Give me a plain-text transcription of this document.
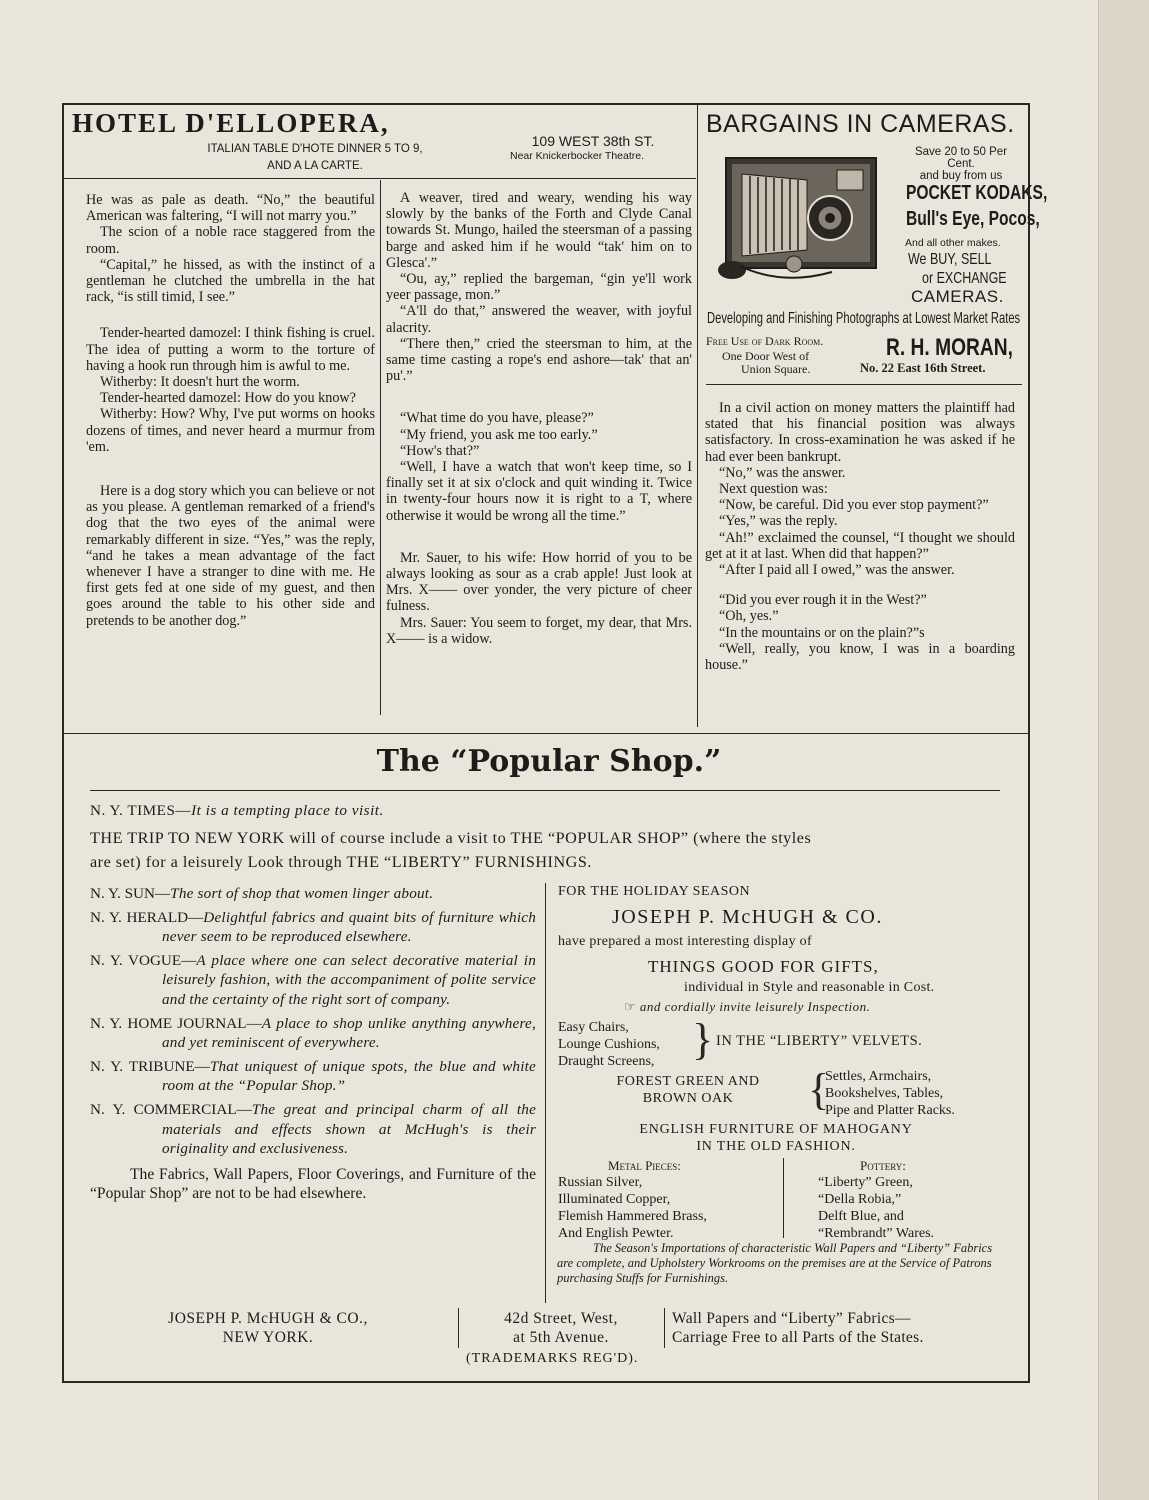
HOTEL D'ELLOPERA,
ITALIAN TABLE D'HOTE DINNER 5 TO 9,
AND A LA CARTE.
109 WEST 38th ST.
Near Knickerbocker Theatre.

He was as pale as death. “No,” the beautiful American was faltering, “I will not marry you.”

The scion of a noble race staggered from the room.

“Capital,” he hissed, as with the instinct of a gentleman he clutched the umbrella in the hat rack, “is still timid, I see.”

Tender-hearted damozel: I think fishing is cruel. The idea of putting a worm to the torture of having a hook run through him is awful to me.

Witherby: It doesn't hurt the worm.

Tender-hearted damozel: How do you know?

Witherby: How? Why, I've put worms on hooks dozens of times, and never heard a murmur from 'em.

Here is a dog story which you can believe or not as you please. A gentleman remarked of a friend's dog that the two eyes of the animal were remarkably different in size. “Yes,” was the reply, “and he takes a mean advantage of the fact whenever I have a stranger to dine with me. He first gets fed at one side of my guest, and then goes around the table to his other side and pretends to be another dog.”

A weaver, tired and weary, wending his way slowly by the banks of the Forth and Clyde Canal towards St. Mungo, hailed the steersman of a passing barge and asked him if he would “tak' him on to Glesca'.”

“Ou, ay,” replied the bargeman, “gin ye'll work yeer passage, mon.”

“A'll do that,” answered the weaver, with joyful alacrity.

“There then,” cried the steersman to him, at the same time casting a rope's end ashore—tak' that an' pu'.”

“What time do you have, please?”

“My friend, you ask me too early.”

“How's that?”

“Well, I have a watch that won't keep time, so I finally set it at six o'clock and quit winding it. Twice in twenty-four hours now it is right to a T, where otherwise it would be wrong all the time.”

Mr. Sauer, to his wife: How horrid of you to be always looking as sour as a crab apple! Just look at Mrs. X—— over yonder, the very picture of cheer fulness.

Mrs. Sauer: You seem to forget, my dear, that Mrs. X—— is a widow.

BARGAINS IN CAMERAS.
Save 20 to 50 Per
Cent.
and buy from us
POCKET KODAKS,
Bull's Eye, Pocos,
And all other makes.
We BUY, SELL
or EXCHANGE
CAMERAS.
Developing and Finishing Photographs at Lowest Market Rates
Free Use of Dark Room.
One Door West of
Union Square.
R. H. MORAN,
No. 22 East 16th Street.

In a civil action on money matters the plaintiff had stated that his financial position was always satisfactory. In cross-examination he was asked if he had ever been bankrupt.

“No,” was the answer.

Next question was:

“Now, be careful. Did you ever stop payment?”

“Yes,” was the reply.

“Ah!” exclaimed the counsel, “I thought we should get at it at last. When did that happen?”

“After I paid all I owed,” was the answer.

“Did you ever rough it in the West?”

“Oh, yes.”

“In the mountains or on the plain?”s

“Well, really, you know, I was in a boarding house.”

The “Popular Shop.”
N. Y. TIMES—It is a tempting place to visit.
THE TRIP TO NEW YORK will of course include a visit to THE “POPULAR SHOP” (where the styles
are set) for a leisurely Look through THE “LIBERTY” FURNISHINGS.
N. Y. SUN—The sort of shop that women linger about.
N. Y. HERALD—Delightful fabrics and quaint bits of furniture which never seem to be reproduced elsewhere.
N. Y. VOGUE—A place where one can select decorative material in leisurely fashion, with the accompaniment of polite service and the certainty of the right sort of company.
N. Y. HOME JOURNAL—A place to shop unlike anything anywhere, and yet reminiscent of everywhere.
N. Y. TRIBUNE—That uniquest of unique spots, the blue and white room at the “Popular Shop.”
N. Y. COMMERCIAL—The great and principal charm of all the materials and effects shown at McHugh's is their originality and exclusiveness.
The Fabrics, Wall Papers, Floor Coverings, and Furniture of the “Popular Shop” are not to be had elsewhere.
FOR THE HOLIDAY SEASON
JOSEPH P. McHUGH & CO.
have prepared a most interesting display of
THINGS GOOD FOR GIFTS,
individual in Style and reasonable in Cost.
☞ and cordially invite leisurely Inspection.
Easy Chairs,
Lounge Cushions,
Draught Screens, } IN THE “LIBERTY” VELVETS.
FOREST GREEN AND
BROWN OAK	{
Settles, Armchairs,
Bookshelves, Tables,
Pipe and Platter Racks.
ENGLISH FURNITURE OF MAHOGANY
IN THE OLD FASHION.
Metal Pieces:
Russian Silver,
Illuminated Copper,
Flemish Hammered Brass,
And English Pewter.
Pottery:
“Liberty” Green,
“Della Robia,”
Delft Blue, and
“Rembrandt” Wares.
The Season's Importations of characteristic Wall Papers and “Liberty” Fabrics are complete, and Upholstery Workrooms on the premises are at the Service of Patrons purchasing Stuffs for Furnishings.
JOSEPH P. McHUGH & CO.,
NEW YORK.
42d Street, West,
at 5th Avenue.
Wall Papers and “Liberty” Fabrics—
Carriage Free to all Parts of the States.
(TRADEMARKS REG'D).
